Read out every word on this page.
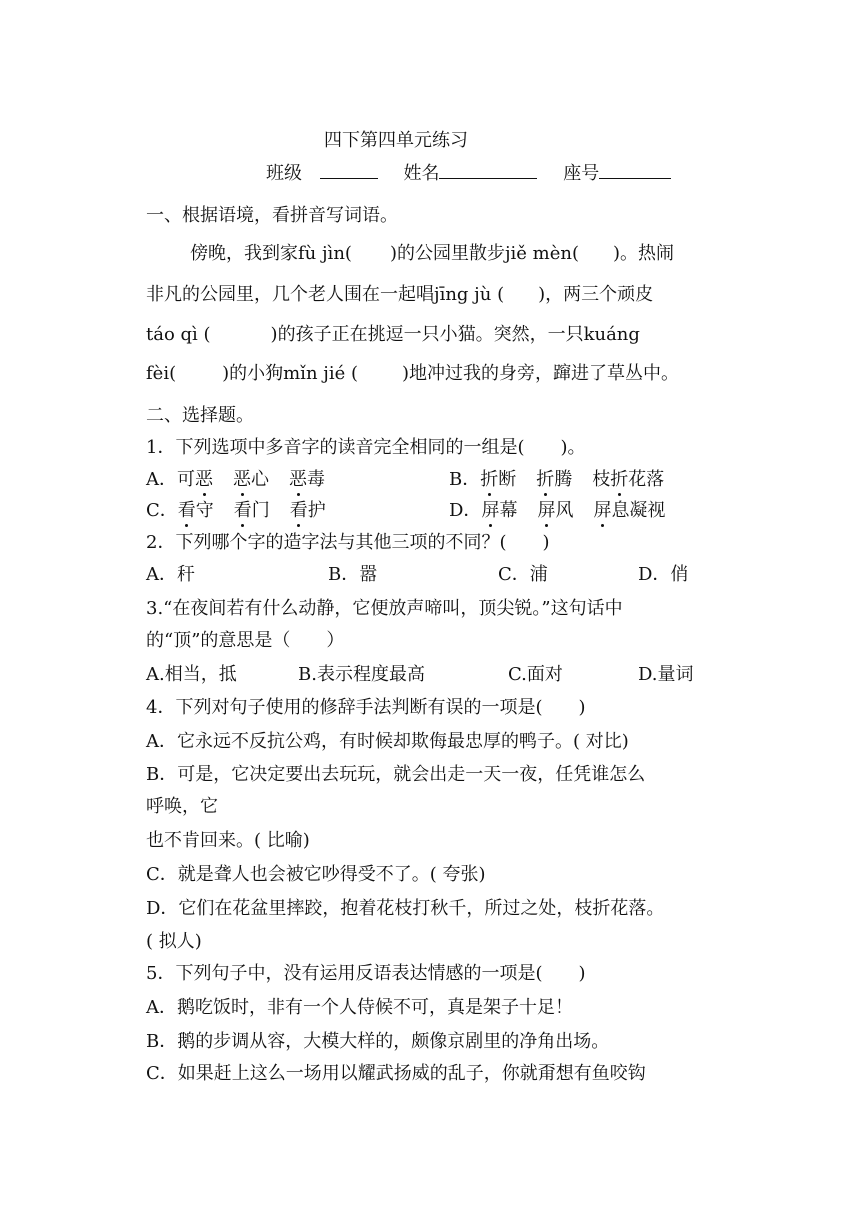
四下第四单元练习
班级	姓名	座号
一、根据语境，看拼音写词语。
傍晚，我到家fù jìn( )的公园里散步jiě mèn( )。热闹
非凡的公园里，几个老人围在一起唱jīng jù ( )，两三个顽皮
táo qì (	)的孩子正在挑逗一只小猫。突然，一只kuáng
fèi(	)的小狗mǐn jié ( )地冲过我的身旁，蹿进了草丛中。
二、选择题。
1．下列选项中多音字的读音完全相同的一组是(　　)。
A．可恶 恶心 恶毒	B．折断 折腾 枝折花落
C．看守 看门 看护	D．屏幕 屏风 屏息凝视
2．下列哪个字的造字法与其他三项的不同？(　　)
A．秆	B．嚣	C．浦	D．俏
3.“在夜间若有什么动静，它便放声啼叫，顶尖锐。”这句话中
的“顶”的意思是（　　）
A.相当，抵	B.表示程度最高	C.面对	D.量词
4．下列对句子使用的修辞手法判断有误的一项是(　　)
A．它永远不反抗公鸡，有时候却欺侮最忠厚的鸭子。( 对比)
B．可是，它决定要出去玩玩，就会出走一天一夜，任凭谁怎么
呼唤，它
也不肯回来。( 比喻)
C．就是聋人也会被它吵得受不了。( 夸张)
D．它们在花盆里摔跤，抱着花枝打秋千，所过之处，枝折花落。
( 拟人)
5．下列句子中，没有运用反语表达情感的一项是(　　)
A．鹅吃饭时，非有一个人侍候不可，真是架子十足！
B．鹅的步调从容，大模大样的，颇像京剧里的净角出场。
C．如果赶上这么一场用以耀武扬威的乱子，你就甭想有鱼咬钩
